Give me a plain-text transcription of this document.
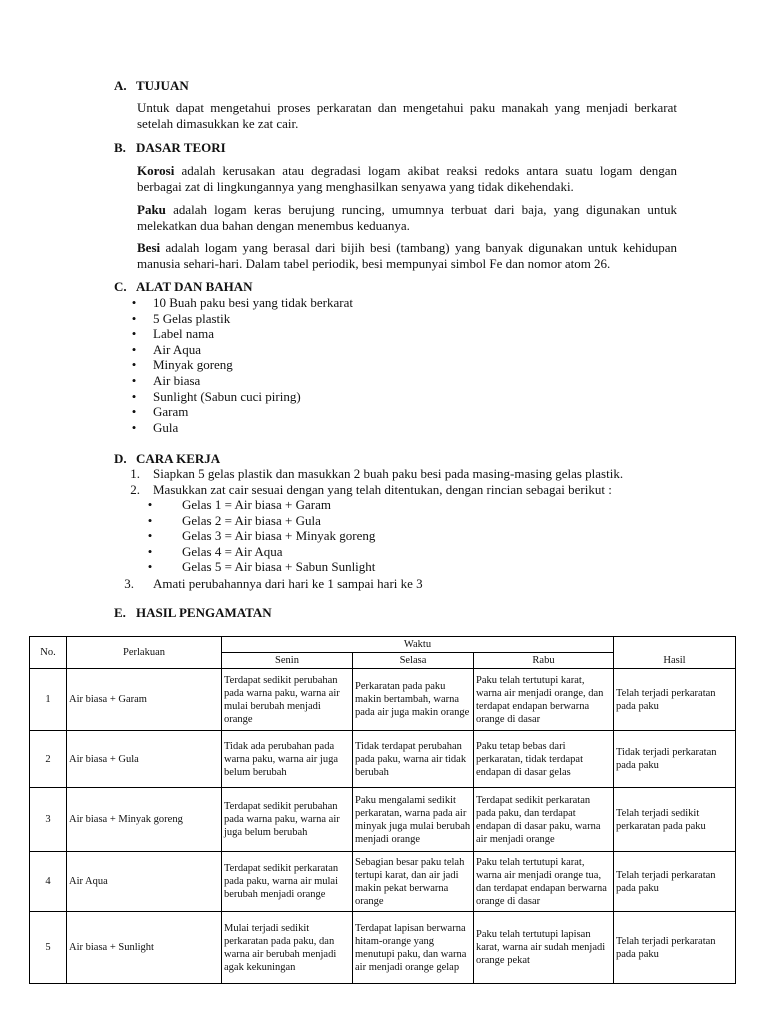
A. TUJUAN
Untuk dapat mengetahui proses perkaratan dan mengetahui paku manakah yang menjadi berkarat setelah dimasukkan ke zat cair.
B. DASAR TEORI
Korosi adalah kerusakan atau degradasi logam akibat reaksi redoks antara suatu logam dengan berbagai zat di lingkungannya yang menghasilkan senyawa yang tidak dikehendaki.
Paku adalah logam keras berujung runcing, umumnya terbuat dari baja, yang digunakan untuk melekatkan dua bahan dengan menembus keduanya.
Besi adalah logam yang berasal dari bijih besi (tambang) yang banyak digunakan untuk kehidupan manusia sehari-hari. Dalam tabel periodik, besi mempunyai simbol Fe dan nomor atom 26.
C. ALAT DAN BAHAN
• 10 Buah paku besi yang tidak berkarat
• 5 Gelas plastik
• Label nama
• Air Aqua
• Minyak goreng
• Air biasa
• Sunlight (Sabun cuci piring)
• Garam
• Gula
D. CARA KERJA
1. Siapkan 5 gelas plastik dan masukkan 2 buah paku besi pada masing-masing gelas plastik.
2. Masukkan zat cair sesuai dengan yang telah ditentukan, dengan rincian sebagai berikut :
• Gelas 1 = Air biasa + Garam
• Gelas 2 = Air biasa + Gula
• Gelas 3 = Air biasa + Minyak goreng
• Gelas 4 = Air Aqua
• Gelas 5 = Air biasa + Sabun Sunlight
3. Amati perubahannya dari hari ke 1 sampai hari ke 3
E. HASIL PENGAMATAN
No.	Perlakuan	Waktu			Hasil
		Senin	Selasa	Rabu	
1	Air biasa + Garam	Terdapat sedikit perubahan pada warna paku, warna air mulai berubah menjadi orange	Perkaratan pada paku makin bertambah, warna pada air juga makin orange	Paku telah tertutupi karat, warna air menjadi orange, dan terdapat endapan berwarna orange di dasar	Telah terjadi perkaratan pada paku
2	Air biasa + Gula	Tidak ada perubahan pada warna paku, warna air juga belum berubah	Tidak terdapat perubahan pada paku, warna air tidak berubah	Paku tetap bebas dari perkaratan, tidak terdapat endapan di dasar gelas	Tidak terjadi perkaratan pada paku
3	Air biasa + Minyak goreng	Terdapat sedikit perubahan pada warna paku, warna air juga belum berubah	Paku mengalami sedikit perkaratan, warna pada air minyak juga mulai berubah menjadi orange	Terdapat sedikit perkaratan pada paku, dan terdapat endapan di dasar paku, warna air menjadi orange	Telah terjadi sedikit perkaratan pada paku
4	Air Aqua	Terdapat sedikit perkaratan pada paku, warna air mulai berubah menjadi orange	Sebagian besar paku telah tertupi karat, dan air jadi makin pekat berwarna orange	Paku telah tertutupi karat, warna air menjadi orange tua, dan terdapat endapan berwarna orange di dasar	Telah terjadi perkaratan pada paku
5	Air biasa + Sunlight	Mulai terjadi sedikit perkaratan pada paku, dan warna air berubah menjadi agak kekuningan	Terdapat lapisan berwarna hitam-orange yang menutupi paku, dan warna air menjadi orange gelap	Paku telah tertutupi lapisan karat, warna air sudah menjadi orange pekat	Telah terjadi perkaratan pada paku
